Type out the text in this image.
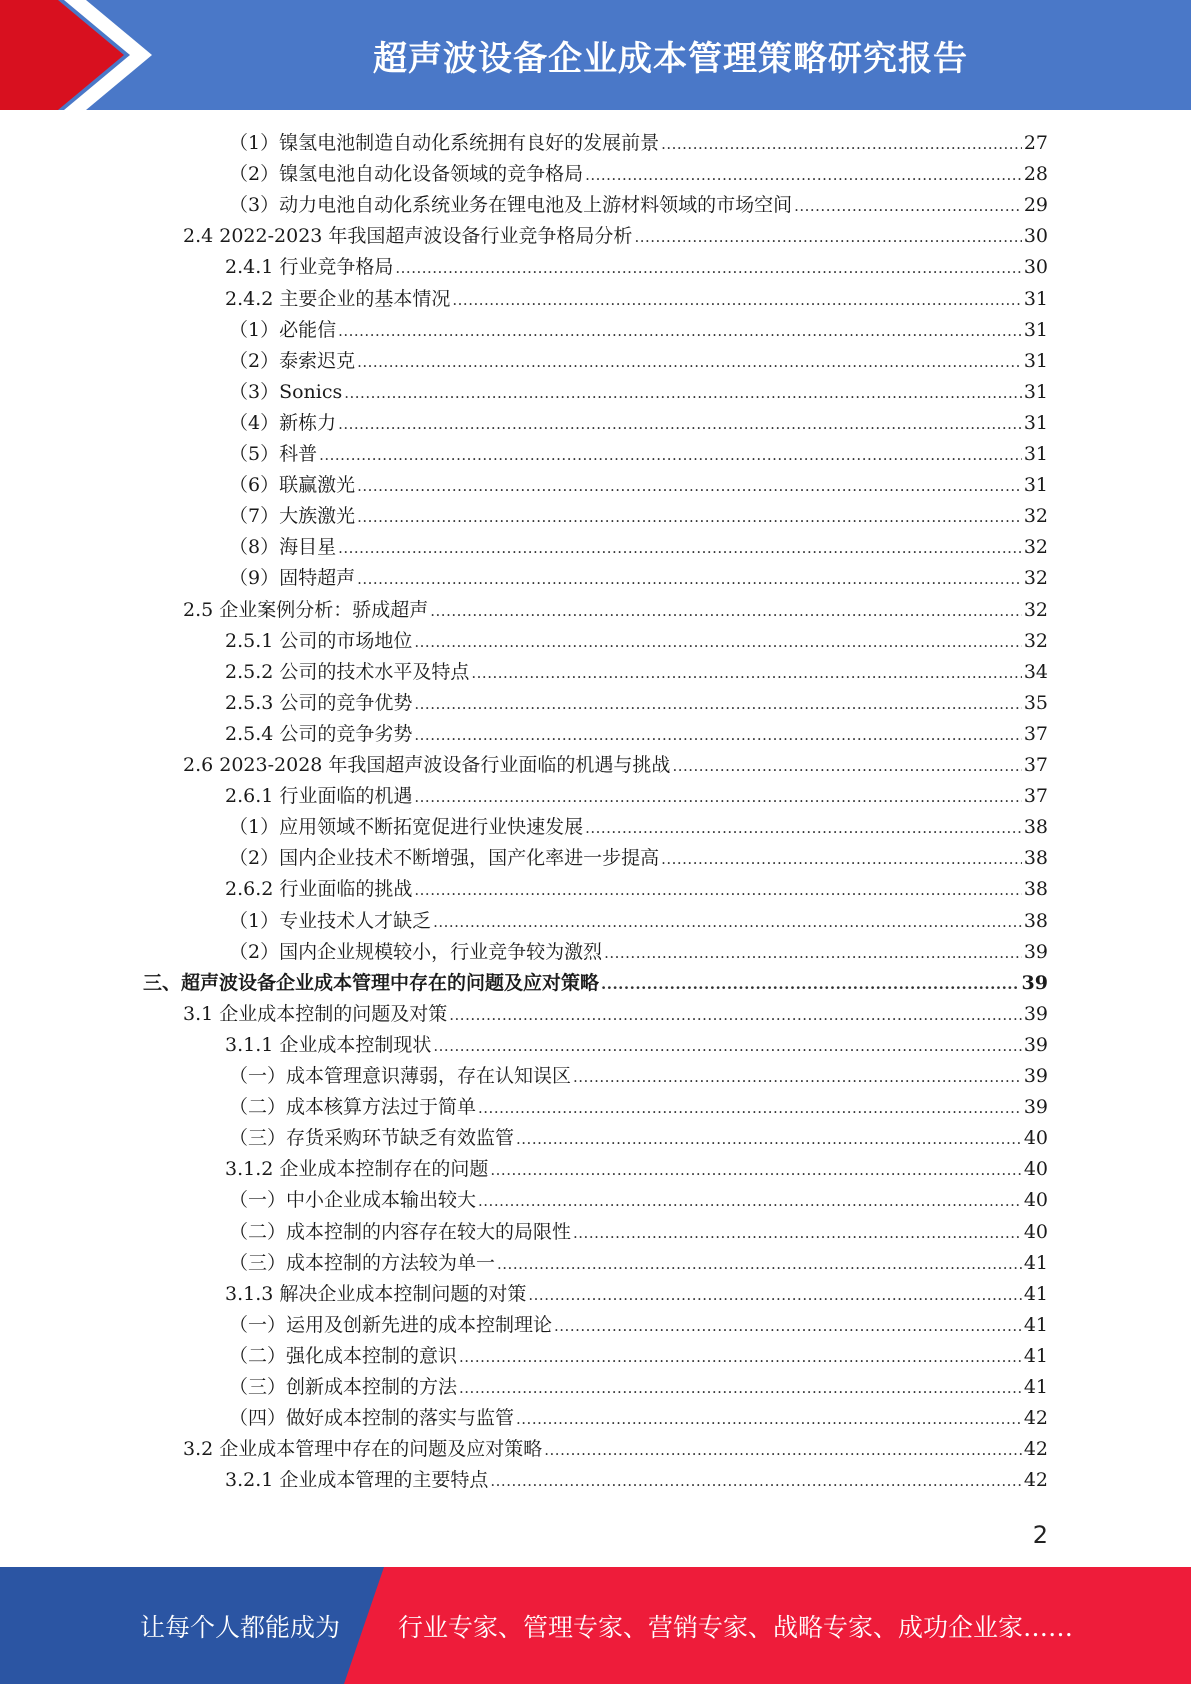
超声波设备企业成本管理策略研究报告
（1）镍氢电池制造自动化系统拥有良好的发展前景 .....	27
（2）镍氢电池自动化设备领域的竞争格局 .....	28
（3）动力电池自动化系统业务在锂电池及上游材料领域的市场空间 .....	29
2.4 2022-2023 年我国超声波设备行业竞争格局分析 .....	30
2.4.1 行业竞争格局 .....	30
2.4.2 主要企业的基本情况 .....	31
（1）必能信 .....	31
（2）泰索迟克 .....	31
（3）Sonics .....	31
（4）新栋力 .....	31
（5）科普 .....	31
（6）联赢激光 .....	31
（7）大族激光 .....	32
（8）海目星 .....	32
（9）固特超声 .....	32
2.5 企业案例分析：骄成超声 .....	32
2.5.1 公司的市场地位 .....	32
2.5.2 公司的技术水平及特点 .....	34
2.5.3 公司的竞争优势 .....	35
2.5.4 公司的竞争劣势 .....	37
2.6 2023-2028 年我国超声波设备行业面临的机遇与挑战 .....	37
2.6.1 行业面临的机遇 .....	37
（1）应用领域不断拓宽促进行业快速发展 .....	38
（2）国内企业技术不断增强，国产化率进一步提高 .....	38
2.6.2 行业面临的挑战 .....	38
（1）专业技术人才缺乏 .....	38
（2）国内企业规模较小，行业竞争较为激烈 .....	39
三、超声波设备企业成本管理中存在的问题及应对策略 .....	39
3.1 企业成本控制的问题及对策 .....	39
3.1.1 企业成本控制现状 .....	39
（一）成本管理意识薄弱，存在认知误区 .....	39
（二）成本核算方法过于简单 .....	39
（三）存货采购环节缺乏有效监管 .....	40
3.1.2 企业成本控制存在的问题 .....	40
（一）中小企业成本输出较大 .....	40
（二）成本控制的内容存在较大的局限性 .....	40
（三）成本控制的方法较为单一 .....	41
3.1.3 解决企业成本控制问题的对策 .....	41
（一）运用及创新先进的成本控制理论 .....	41
（二）强化成本控制的意识 .....	41
（三）创新成本控制的方法 .....	41
（四）做好成本控制的落实与监管 .....	42
3.2 企业成本管理中存在的问题及应对策略 .....	42
3.2.1 企业成本管理的主要特点 .....	42
2
让每个人都能成为 行业专家、管理专家、营销专家、战略专家、成功企业家……
